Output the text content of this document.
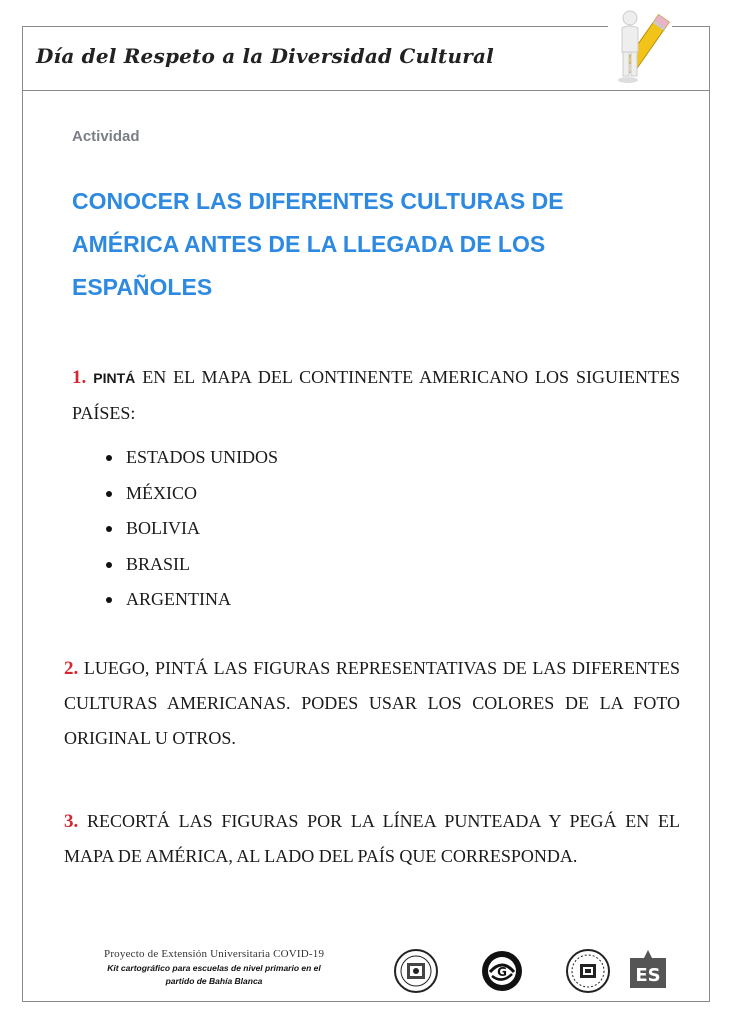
Día del Respeto a la Diversidad Cultural
Actividad
CONOCER LAS DIFERENTES CULTURAS DE
AMÉRICA ANTES DE LA LLEGADA DE LOS
ESPAÑOLES
1. PINTÁ EN EL MAPA DEL CONTINENTE AMERICANO LOS SIGUIENTES PAÍSES:
ESTADOS UNIDOS
MÉXICO
BOLIVIA
BRASIL
ARGENTINA
2. LUEGO, PINTÁ LAS FIGURAS REPRESENTATIVAS DE LAS DIFERENTES CULTURAS AMERICANAS. PODES USAR LOS COLORES DE LA FOTO ORIGINAL U OTROS.
3. RECORTÁ LAS FIGURAS POR LA LÍNEA PUNTEADA Y PEGÁ EN EL MAPA DE AMÉRICA, AL LADO DEL PAÍS QUE CORRESPONDA.
Proyecto de Extensión Universitaria COVID-19
Kit cartográfico para escuelas de nivel primario en el
partido de Bahía Blanca
G	ES
